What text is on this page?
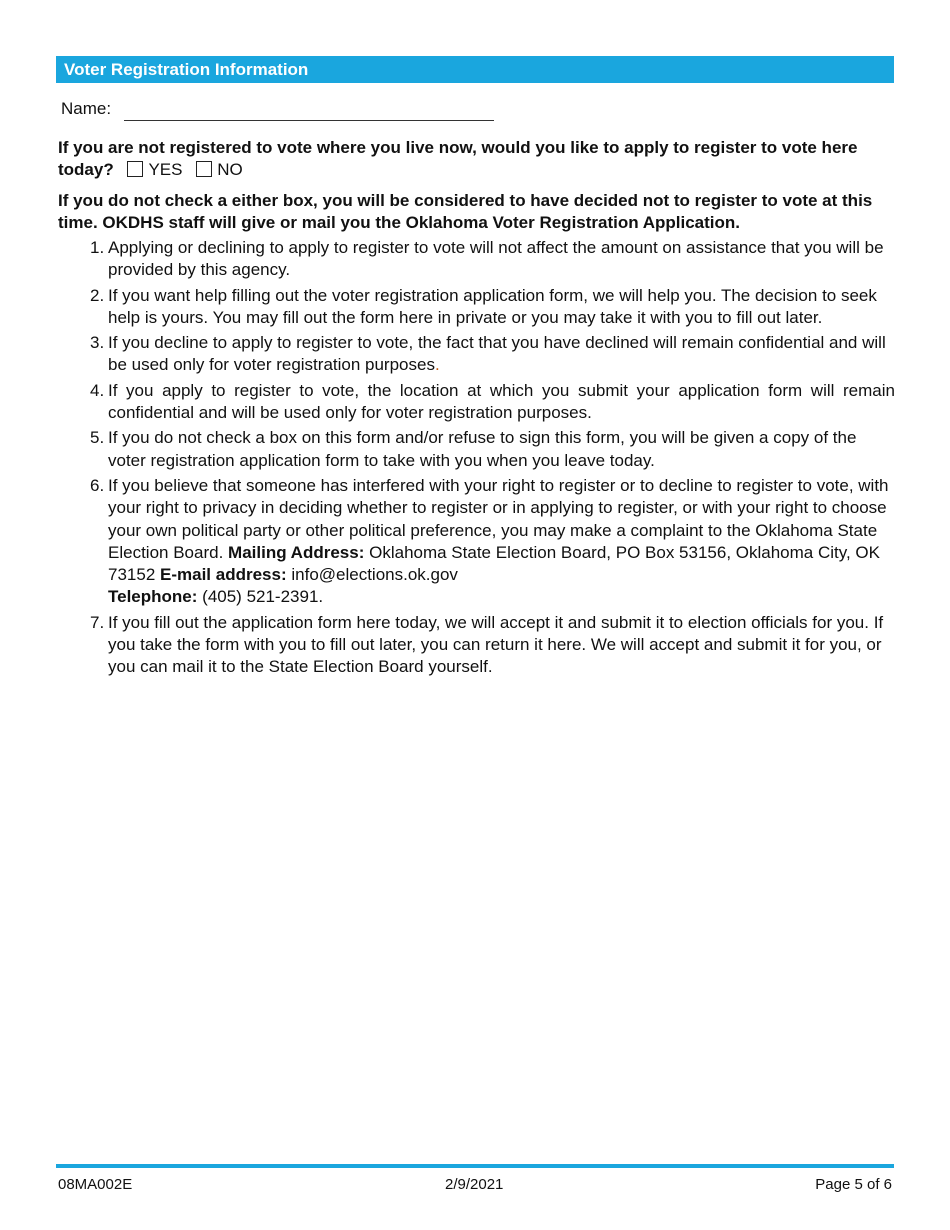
Voter Registration Information
Name:
If you are not registered to vote where you live now, would you like to apply to register to vote here today? YES NO
If you do not check a either box, you will be considered to have decided not to register to vote at this time. OKDHS staff will give or mail you the Oklahoma Voter Registration Application.
1. Applying or declining to apply to register to vote will not affect the amount on assistance that you will be provided by this agency.
2. If you want help filling out the voter registration application form, we will help you. The decision to seek help is yours. You may fill out the form here in private or you may take it with you to fill out later.
3. If you decline to apply to register to vote, the fact that you have declined will remain confidential and will be used only for voter registration purposes.
4. If you apply to register to vote, the location at which you submit your application form will remain confidential and will be used only for voter registration purposes.
5. If you do not check a box on this form and/or refuse to sign this form, you will be given a copy of the voter registration application form to take with you when you leave today.
6. If you believe that someone has interfered with your right to register or to decline to register to vote, with your right to privacy in deciding whether to register or in applying to register, or with your right to choose your own political party or other political preference, you may make a complaint to the Oklahoma State Election Board. Mailing Address: Oklahoma State Election Board, PO Box 53156, Oklahoma City, OK 73152 E-mail address: info@elections.ok.gov
Telephone: (405) 521-2391.
7. If you fill out the application form here today, we will accept it and submit it to election officials for you. If you take the form with you to fill out later, you can return it here. We will accept and submit it for you, or you can mail it to the State Election Board yourself.
08MA002E	2/9/2021	Page 5 of 6
